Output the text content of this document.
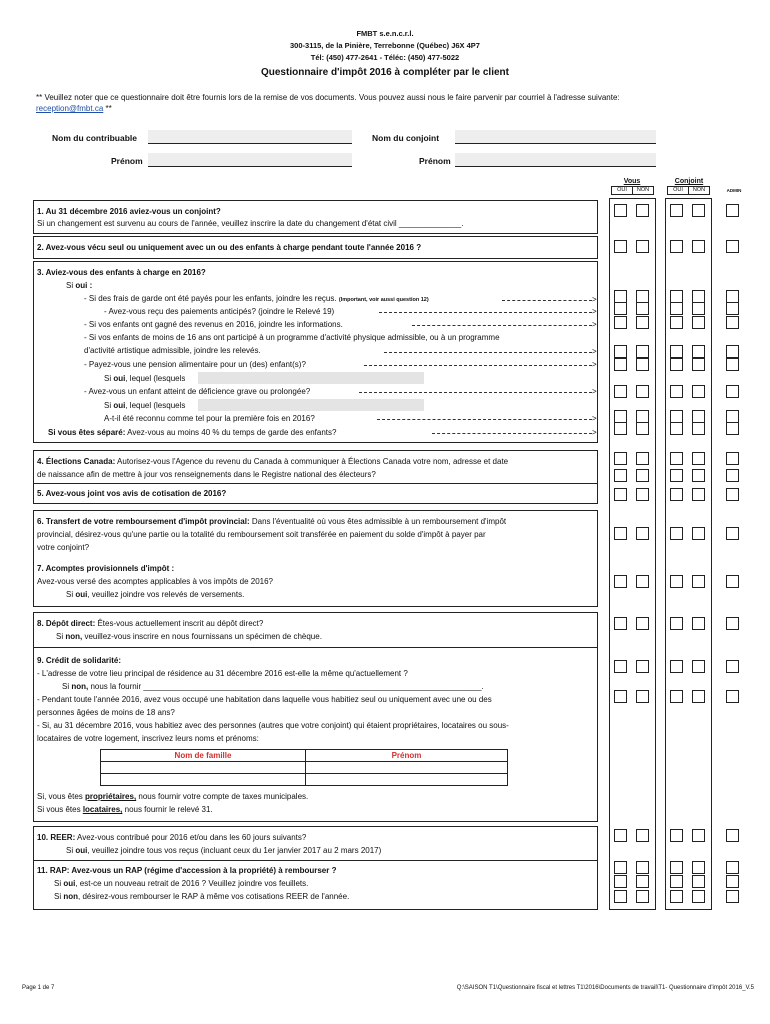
FMBT s.e.n.c.r.l.
300-3115, de la Pinière, Terrebonne (Québec) J6X 4P7
Tél: (450) 477-2641 - Téléc: (450) 477-5022
Questionnaire d'impôt 2016 à compléter par le client
** Veuillez noter que ce questionnaire doit être fournis lors de la remise de vos documents. Vous pouvez aussi nous le faire parvenir par courriel à l'adresse suivante:
reception@fmbt.ca **
Nom du contribuable	Nom du conjoint
Prénom	Prénom
Vous	Conjoint
OUI	NON	OUI	NON	ADMIN
1. Au 31 décembre 2016 aviez-vous un conjoint?
Si un changement est survenu au cours de l'année, veuillez inscrire la date du changement d'état civil ______________.
2. Avez-vous vécu seul ou uniquement avec un ou des enfants à charge pendant toute l'année 2016 ?
3. Aviez-vous des enfants à charge en 2016?
Si oui :
- Si des frais de garde ont été payés pour les enfants, joindre les reçus. (Important, voir aussi question 12)
- Avez-vous reçu des paiements anticipés? (joindre le Relevé 19)
- Si vos enfants ont gagné des revenus en 2016, joindre les informations.
- Si vos enfants de moins de 16 ans ont participé à un programme d'activité physique admissible, ou à un programme
d'activité artistique admissible, joindre les relevés.
- Payez-vous une pension alimentaire pour un (des) enfant(s)?
Si oui, lequel (lesquels
- Avez-vous un enfant atteint de déficience grave ou prolongée?
Si oui, lequel (lesquels
A-t-il été reconnu comme tel pour la première fois en 2016?
Si vous êtes séparé: Avez-vous au moins 40 % du temps de garde des enfants?
>
>
>
>
>
>
>
>
4. Élections Canada: Autorisez-vous l'Agence du revenu du Canada à communiquer à Élections Canada votre nom, adresse et date
de naissance afin de mettre à jour vos renseignements dans le Registre national des électeurs?
5. Avez-vous joint vos avis de cotisation de 2016?
6. Transfert de votre remboursement d'impôt provincial: Dans l'éventualité où vous êtes admissible à un remboursement d'impôt
provincial, désirez-vous qu'une partie ou la totalité du remboursement soit transférée en paiement du solde d'impôt à payer par
votre conjoint?
7. Acomptes provisionnels d'impôt :
Avez-vous versé des acomptes applicables à vos impôts de 2016?
Si oui, veuillez joindre vos relevés de versements.
8. Dépôt direct: Êtes-vous actuellement inscrit au dépôt direct?
Si non, veuillez-vous inscrire en nous fournissans un spécimen de chèque.
9. Crédit de solidarité:
- L'adresse de votre lieu principal de résidence au 31 décembre 2016 est-elle la même qu'actuellement ?
Si non, nous la fournir ____________________________________________________________________________.
- Pendant toute l'année 2016, avez vous occupé une habitation dans laquelle vous habitiez seul ou uniquement avec une ou des
personnes âgées de moins de 18 ans?
- Si, au 31 décembre 2016, vous habitiez avec des personnes (autres que votre conjoint) qui étaient propriétaires, locataires ou sous-
locataires de votre logement, inscrivez leurs noms et prénoms:
Nom de famille	Prénom

Si, vous êtes propriétaires, nous fournir votre compte de taxes municipales.
Si vous êtes locataires, nous fournir le relevé 31.
10. REER: Avez-vous contribué pour 2016 et/ou dans les 60 jours suivants?
Si oui, veuillez joindre tous vos reçus (incluant ceux du 1er janvier 2017 au 2 mars 2017)
11. RAP: Avez-vous un RAP (régime d'accession à la propriété) à rembourser ?
Si oui, est-ce un nouveau retrait de 2016 ? Veuillez joindre vos feuillets.
Si non, désirez-vous rembourser le RAP à même vos cotisations REER de l'année.
Page 1 de 7	Q:\SAISON T1\Questionnaire fiscal et lettres T1\2016\Documents de travail\T1- Questionnaire d'impôt 2016_V.5
